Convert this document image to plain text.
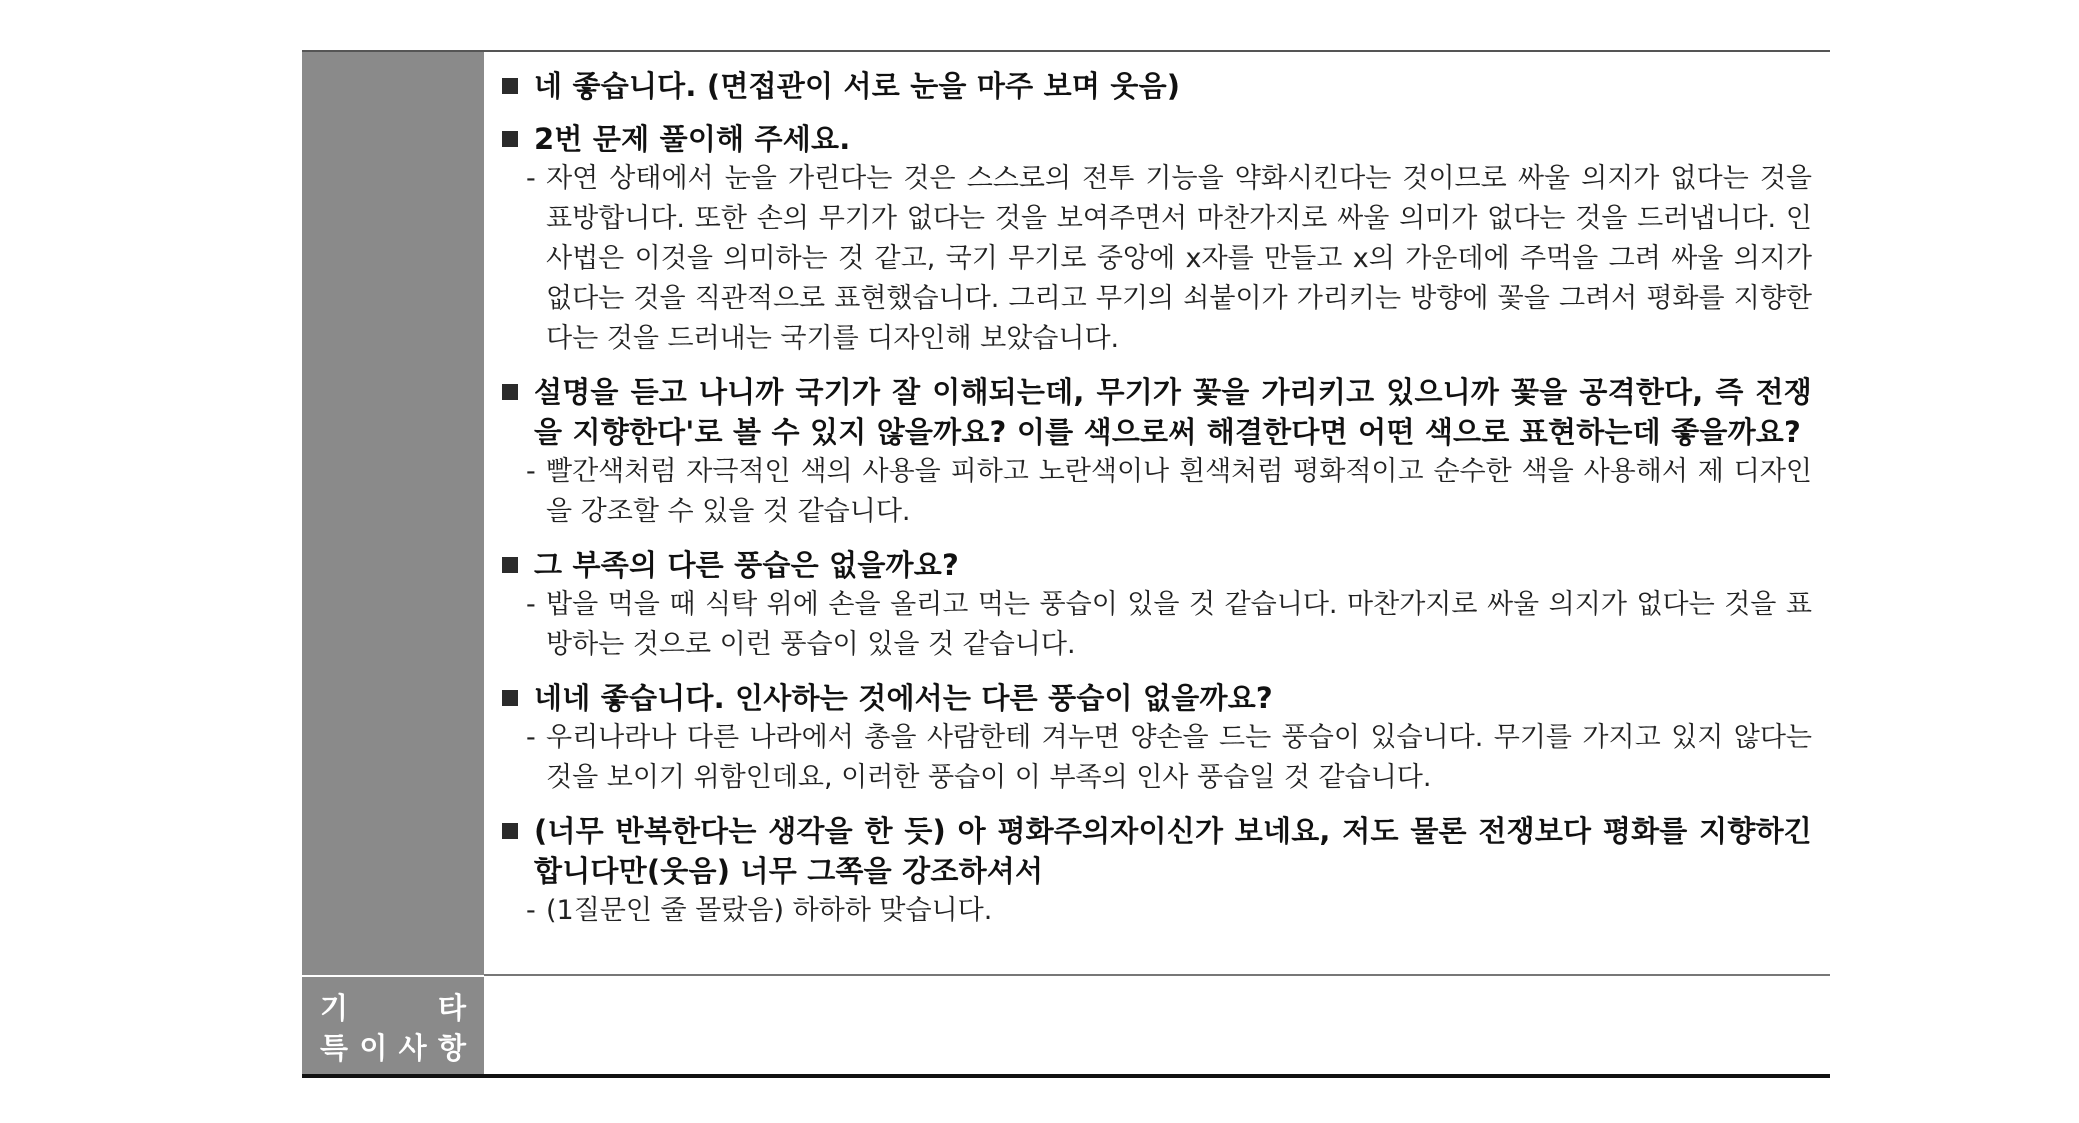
네 좋습니다. (면접관이 서로 눈을 마주 보며 웃음)
2번 문제 풀이해 주세요.
- 자연 상태에서 눈을 가린다는 것은 스스로의 전투 기능을 약화시킨다는 것이므로 싸울 의지가 없다는 것을 표방합니다. 또한 손의 무기가 없다는 것을 보여주면서 마찬가지로 싸울 의미가 없다는 것을 드러냅니다. 인사법은 이것을 의미하는 것 같고, 국기 무기로 중앙에 x자를 만들고 x의 가운데에 주먹을 그려 싸울 의지가 없다는 것을 직관적으로 표현했습니다. 그리고 무기의 쇠붙이가 가리키는 방향에 꽃을 그려서 평화를 지향한다는 것을 드러내는 국기를 디자인해 보았습니다.
설명을 듣고 나니까 국기가 잘 이해되는데, 무기가 꽃을 가리키고 있으니까 꽃을 공격한다, 즉 전쟁을 지향한다'로 볼 수 있지 않을까요? 이를 색으로써 해결한다면 어떤 색으로 표현하는데 좋을까요?
- 빨간색처럼 자극적인 색의 사용을 피하고 노란색이나 흰색처럼 평화적이고 순수한 색을 사용해서 제 디자인을 강조할 수 있을 것 같습니다.
그 부족의 다른 풍습은 없을까요?
- 밥을 먹을 때 식탁 위에 손을 올리고 먹는 풍습이 있을 것 같습니다. 마찬가지로 싸울 의지가 없다는 것을 표방하는 것으로 이런 풍습이 있을 것 같습니다.
네네 좋습니다. 인사하는 것에서는 다른 풍습이 없을까요?
- 우리나라나 다른 나라에서 총을 사람한테 겨누면 양손을 드는 풍습이 있습니다. 무기를 가지고 있지 않다는 것을 보이기 위함인데요, 이러한 풍습이 이 부족의 인사 풍습일 것 같습니다.
(너무 반복한다는 생각을 한 듯) 아 평화주의자이신가 보네요, 저도 물론 전쟁보다 평화를 지향하긴 합니다만(웃음) 너무 그쪽을 강조하셔서
- (1질문인 줄 몰랐음) 하하하 맞습니다.
기	타
특 이 사 항
